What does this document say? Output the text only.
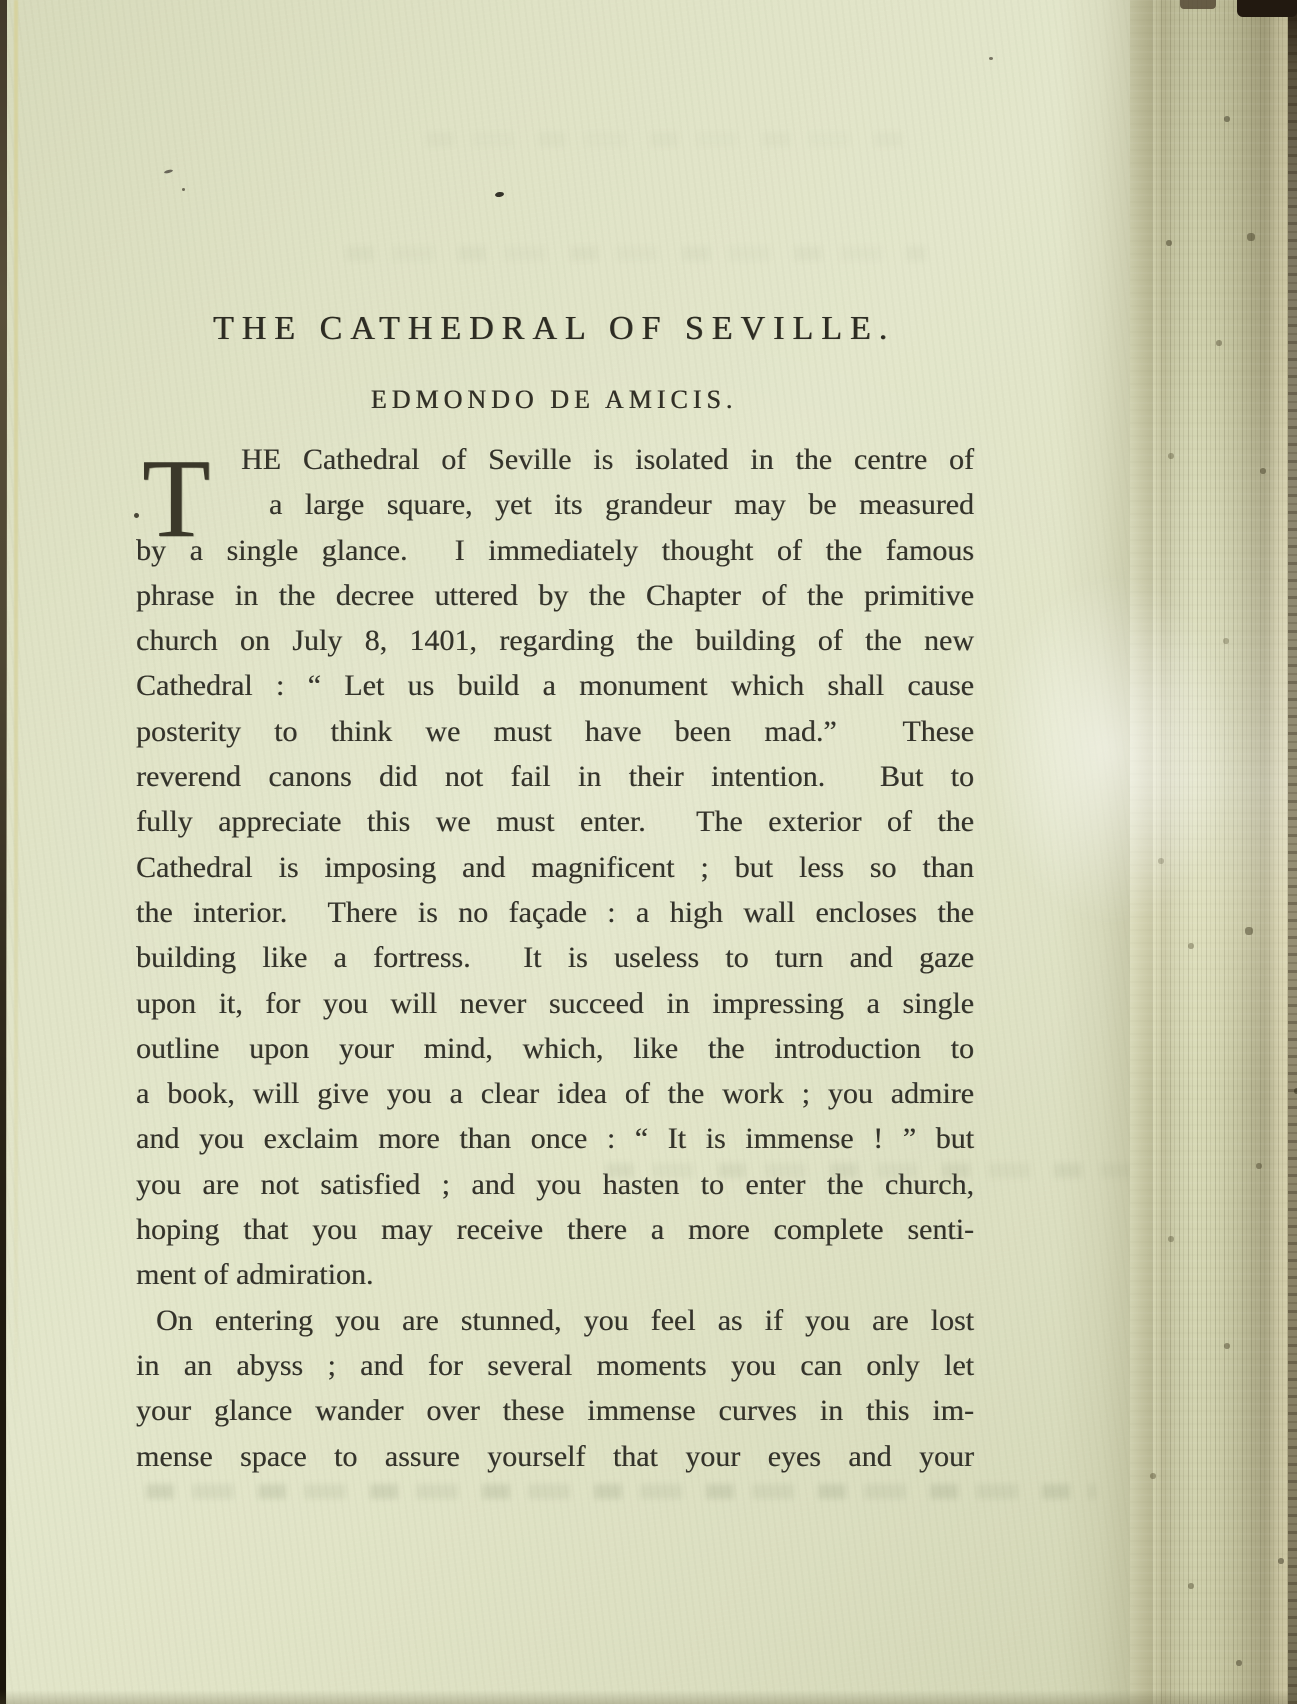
THE CATHEDRAL OF SEVILLE.
EDMONDO DE AMICIS.
T	HE Cathedral of Seville is isolated in the centre of
a large square, yet its grandeur may be measured
by a single glance.  I immediately thought of the famous
phrase in the decree uttered by the Chapter of the primitive
church on July 8, 1401, regarding the building of the new
Cathedral : “ Let us build a monument which shall cause
posterity to think we must have been mad.”  These
reverend canons did not fail in their intention.  But to
fully appreciate this we must enter.  The exterior of the
Cathedral is imposing and magnificent ; but less so than
the interior.  There is no façade : a high wall encloses the
building like a fortress.  It is useless to turn and gaze
upon it, for you will never succeed in impressing a single
outline upon your mind, which, like the introduction to
a book, will give you a clear idea of the work ; you admire
and you exclaim more than once : “ It is immense ! ” but
you are not satisfied ; and you hasten to enter the church,
hoping that you may receive there a more complete senti-
ment of admiration.
On entering you are stunned, you feel as if you are lost
in an abyss ; and for several moments you can only let
your glance wander over these immense curves in this im-
mense space to assure yourself that your eyes and your
